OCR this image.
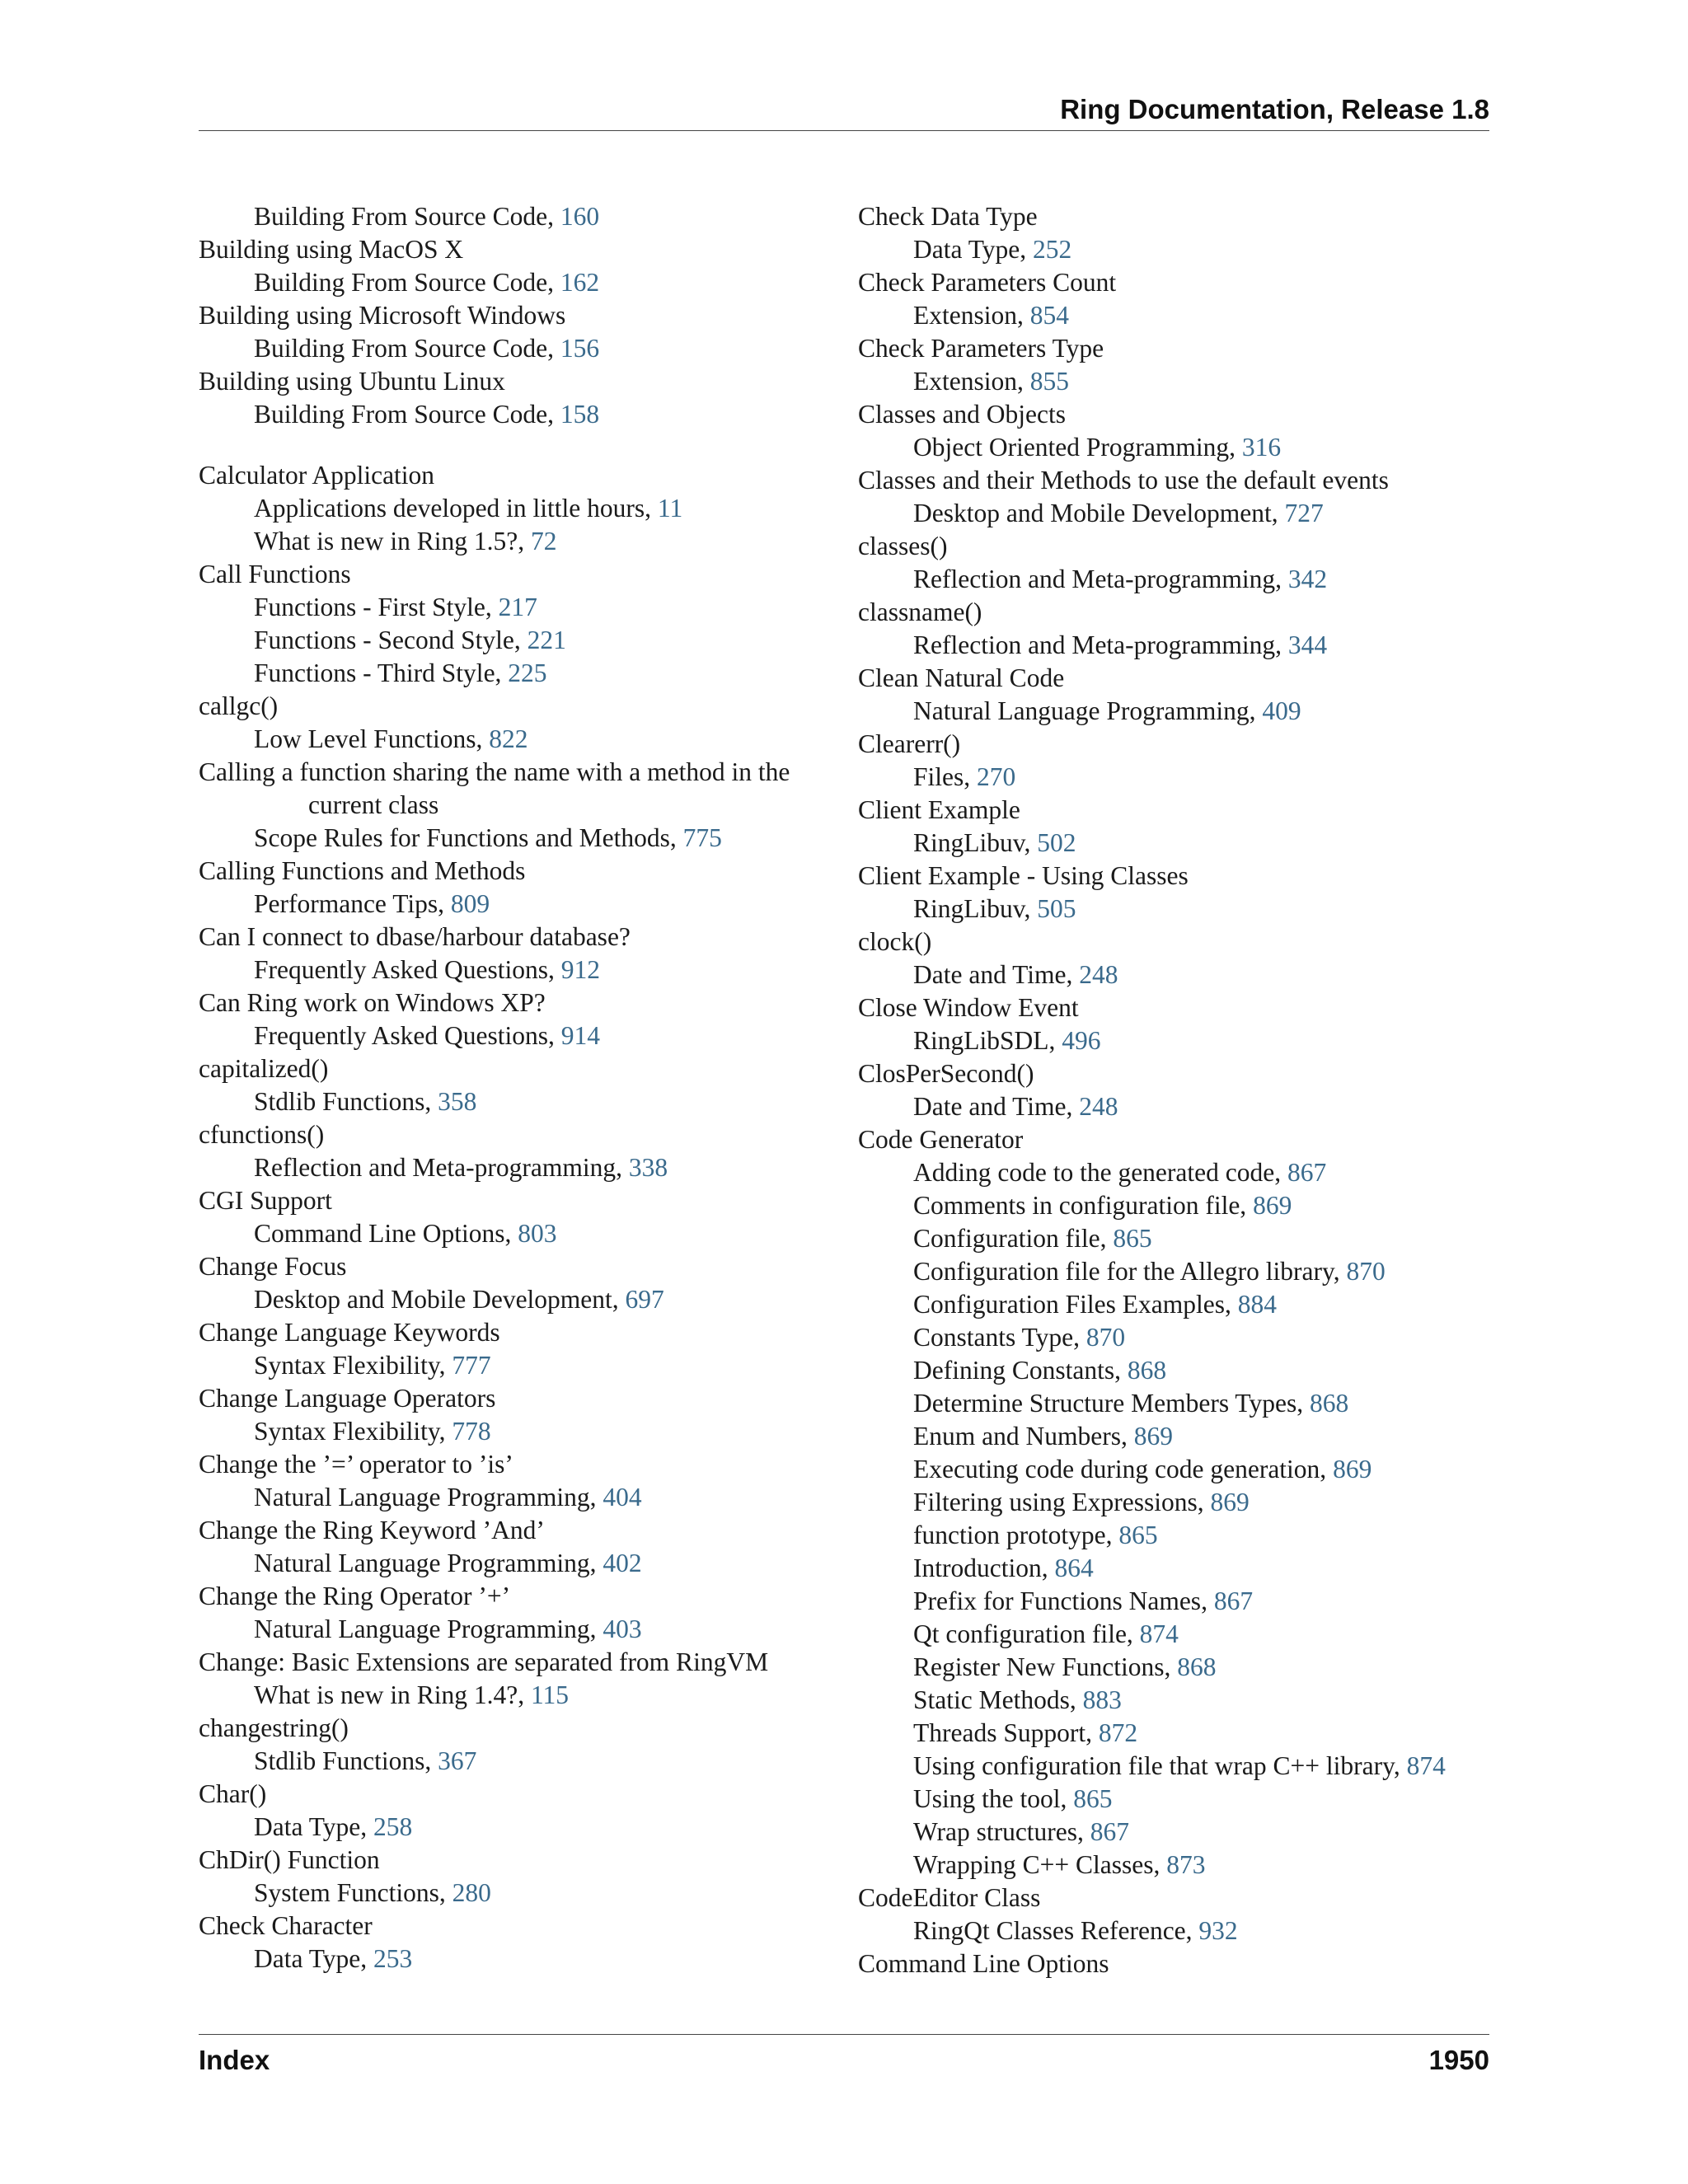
Ring Documentation, Release 1.8
Building From Source Code, 160
Building using MacOS X
Building From Source Code, 162
Building using Microsoft Windows
Building From Source Code, 156
Building using Ubuntu Linux
Building From Source Code, 158
Calculator Application
Applications developed in little hours, 11
What is new in Ring 1.5?, 72
Call Functions
Functions - First Style, 217
Functions - Second Style, 221
Functions - Third Style, 225
callgc()
Low Level Functions, 822
Calling a function sharing the name with a method in the
current class
Scope Rules for Functions and Methods, 775
Calling Functions and Methods
Performance Tips, 809
Can I connect to dbase/harbour database?
Frequently Asked Questions, 912
Can Ring work on Windows XP?
Frequently Asked Questions, 914
capitalized()
Stdlib Functions, 358
cfunctions()
Reflection and Meta-programming, 338
CGI Support
Command Line Options, 803
Change Focus
Desktop and Mobile Development, 697
Change Language Keywords
Syntax Flexibility, 777
Change Language Operators
Syntax Flexibility, 778
Change the ’=’ operator to ’is’
Natural Language Programming, 404
Change the Ring Keyword ’And’
Natural Language Programming, 402
Change the Ring Operator ’+’
Natural Language Programming, 403
Change: Basic Extensions are separated from RingVM
What is new in Ring 1.4?, 115
changestring()
Stdlib Functions, 367
Char()
Data Type, 258
ChDir() Function
System Functions, 280
Check Character
Data Type, 253
Check Data Type
Data Type, 252
Check Parameters Count
Extension, 854
Check Parameters Type
Extension, 855
Classes and Objects
Object Oriented Programming, 316
Classes and their Methods to use the default events
Desktop and Mobile Development, 727
classes()
Reflection and Meta-programming, 342
classname()
Reflection and Meta-programming, 344
Clean Natural Code
Natural Language Programming, 409
Clearerr()
Files, 270
Client Example
RingLibuv, 502
Client Example - Using Classes
RingLibuv, 505
clock()
Date and Time, 248
Close Window Event
RingLibSDL, 496
ClosPerSecond()
Date and Time, 248
Code Generator
Adding code to the generated code, 867
Comments in configuration file, 869
Configuration file, 865
Configuration file for the Allegro library, 870
Configuration Files Examples, 884
Constants Type, 870
Defining Constants, 868
Determine Structure Members Types, 868
Enum and Numbers, 869
Executing code during code generation, 869
Filtering using Expressions, 869
function prototype, 865
Introduction, 864
Prefix for Functions Names, 867
Qt configuration file, 874
Register New Functions, 868
Static Methods, 883
Threads Support, 872
Using configuration file that wrap C++ library, 874
Using the tool, 865
Wrap structures, 867
Wrapping C++ Classes, 873
CodeEditor Class
RingQt Classes Reference, 932
Command Line Options
Index	1950
